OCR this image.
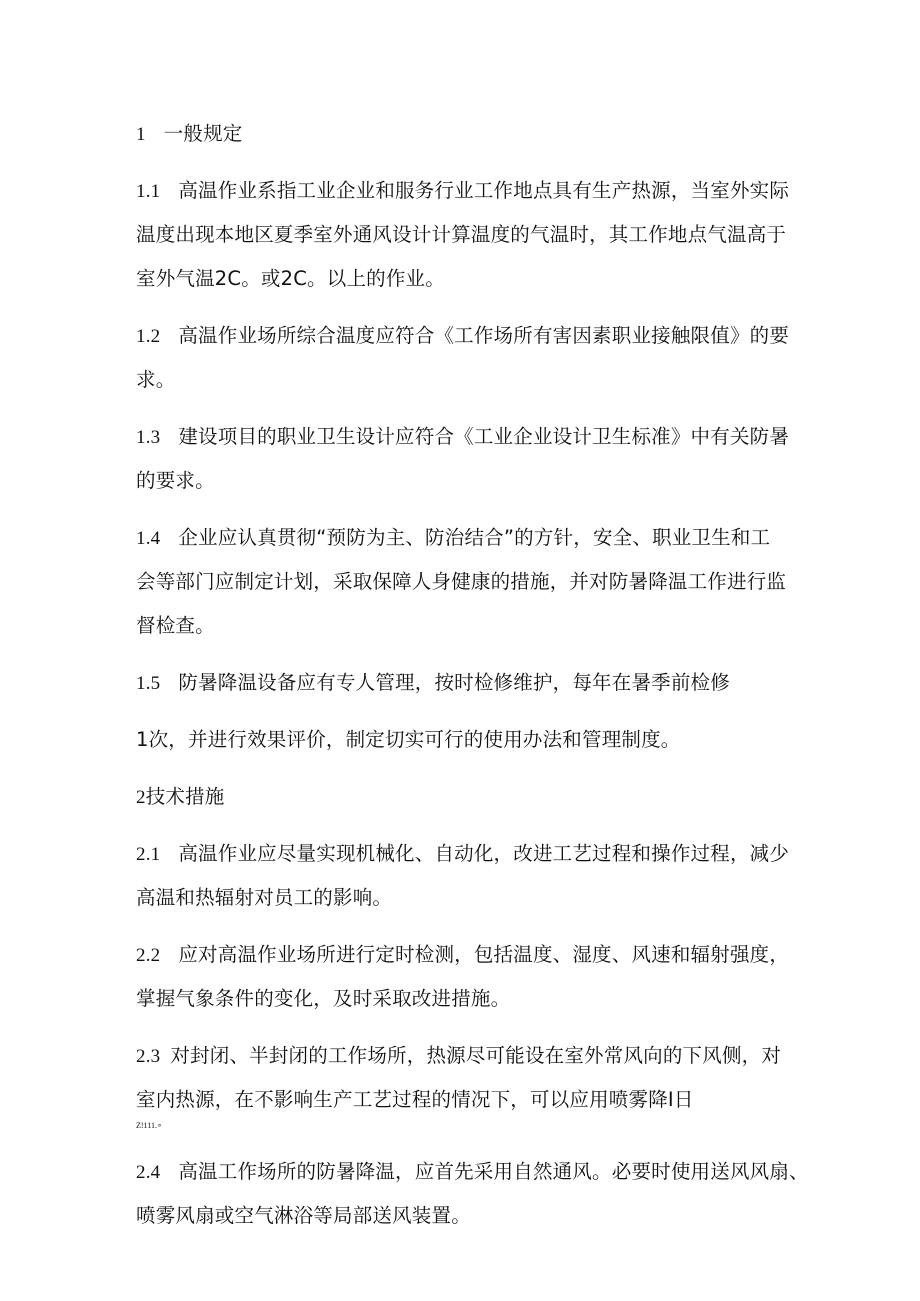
1 一般规定
1.1 高温作业系指工业企业和服务行业工作地点具有生产热源，当室外实际
温度出现本地区夏季室外通风设计计算温度的气温时，其工作地点气温高于
室外气温2C。或2C。以上的作业。
1.2 高温作业场所综合温度应符合《工作场所有害因素职业接触限值》的要
求。
1.3 建设项目的职业卫生设计应符合《工业企业设计卫生标准》中有关防暑
的要求。
1.4 企业应认真贯彻“预防为主、防治结合”的方针，安全、职业卫生和工
会等部门应制定计划，采取保障人身健康的措施，并对防暑降温工作进行监
督检查。
1.5 防暑降温设备应有专人管理，按时检修维护，每年在暑季前检修
1次，并进行效果评价，制定切实可行的使用办法和管理制度。
2技术措施
2.1 高温作业应尽量实现机械化、自动化，改进工艺过程和操作过程，减少
高温和热辐射对员工的影响。
2.2 应对高温作业场所进行定时检测，包括温度、湿度、风速和辐射强度，
掌握气象条件的变化，及时采取改进措施。
2.3 对封闭、半封闭的工作场所，热源尽可能设在室外常风向的下风侧，对
室内热源，在不影响生产工艺过程的情况下，可以应用喷雾降I日
Z!111.∘
2.4 高温工作场所的防暑降温，应首先采用自然通风。必要时使用送风风扇、
喷雾风扇或空气淋浴等局部送风装置。
